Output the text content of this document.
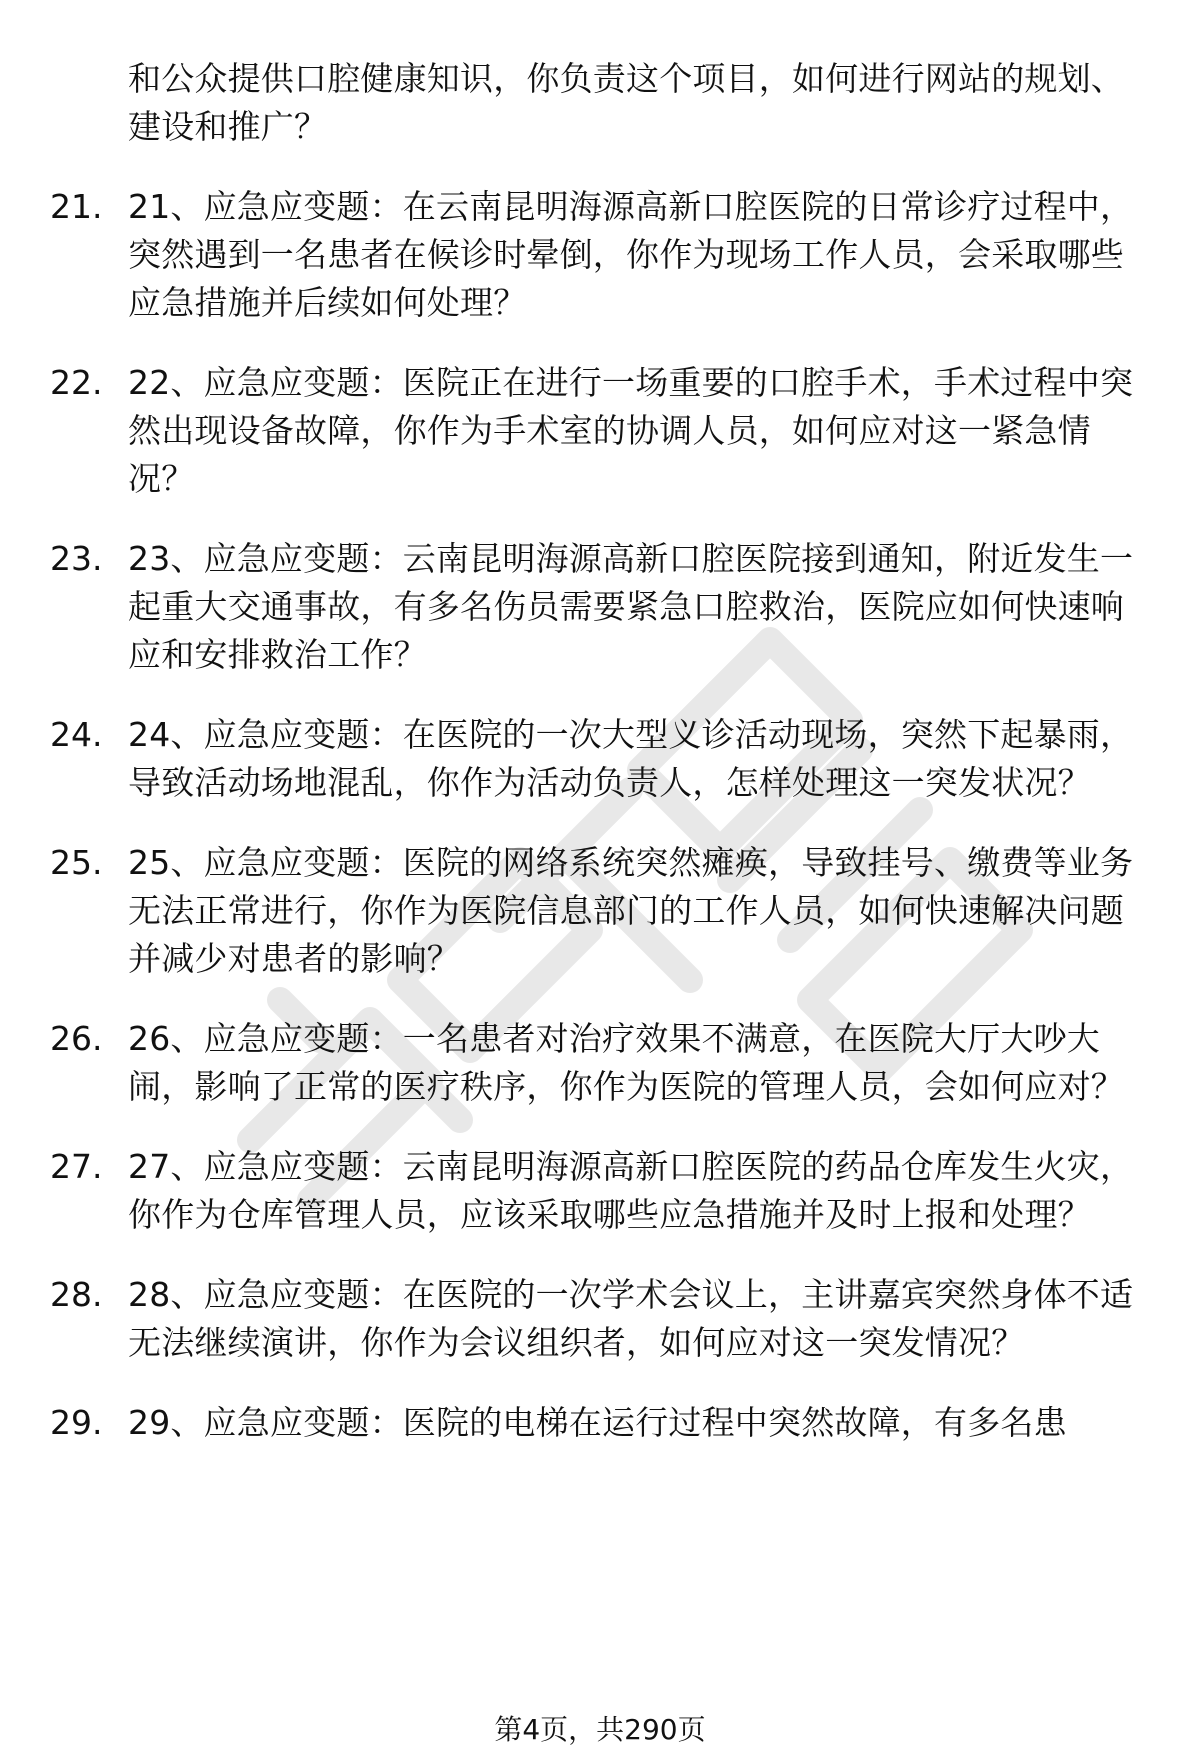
和公众提供口腔健康知识，你负责这个项目，如何进行网站的规划、建设和推广？
21. 21、应急应变题：在云南昆明海源高新口腔医院的日常诊疗过程中，突然遇到一名患者在候诊时晕倒，你作为现场工作人员，会采取哪些应急措施并后续如何处理？
22. 22、应急应变题：医院正在进行一场重要的口腔手术，手术过程中突然出现设备故障，你作为手术室的协调人员，如何应对这一紧急情况？
23. 23、应急应变题：云南昆明海源高新口腔医院接到通知，附近发生一起重大交通事故，有多名伤员需要紧急口腔救治，医院应如何快速响应和安排救治工作？
24. 24、应急应变题：在医院的一次大型义诊活动现场，突然下起暴雨，导致活动场地混乱，你作为活动负责人，怎样处理这一突发状况？
25. 25、应急应变题：医院的网络系统突然瘫痪，导致挂号、缴费等业务无法正常进行，你作为医院信息部门的工作人员，如何快速解决问题并减少对患者的影响？
26. 26、应急应变题：一名患者对治疗效果不满意，在医院大厅大吵大闹，影响了正常的医疗秩序，你作为医院的管理人员，会如何应对？
27. 27、应急应变题：云南昆明海源高新口腔医院的药品仓库发生火灾，你作为仓库管理人员，应该采取哪些应急措施并及时上报和处理？
28. 28、应急应变题：在医院的一次学术会议上，主讲嘉宾突然身体不适无法继续演讲，你作为会议组织者，如何应对这一突发情况？
29. 29、应急应变题：医院的电梯在运行过程中突然故障，有多名患
第4页，共290页
